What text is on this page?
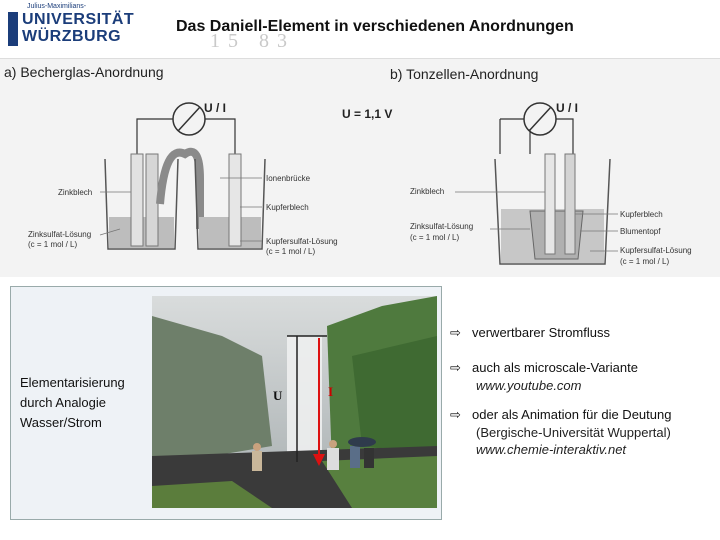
Julius-Maximilians-
UNIVERSITÄT
WÜRZBURG	15 83
Das Daniell-Element in verschiedenen Anordnungen
a) Becherglas-Anordnung	b) Tonzellen-Anordnung
U = 1,1 V
U / I	U / I
Ionenbrücke
Zinkblech
Kupferblech
Zinksulfat-Lösung
(c = 1 mol / L)	Kupfersulfat-Lösung
(c = 1 mol / L)
Zinkblech
Zinksulfat-Lösung
(c = 1 mol / L)
Kupferblech
Blumentopf
Kupfersulfat-Lösung
(c = 1 mol / L)
Elementarisierung
durch Analogie
Wasser/Strom
U	I
⇨ verwertbarer Stromfluss
⇨ auch als microscale-Variante
www.youtube.com
⇨ oder als Animation für die Deutung
(Bergische-Universität Wuppertal)
www.chemie-interaktiv.net
